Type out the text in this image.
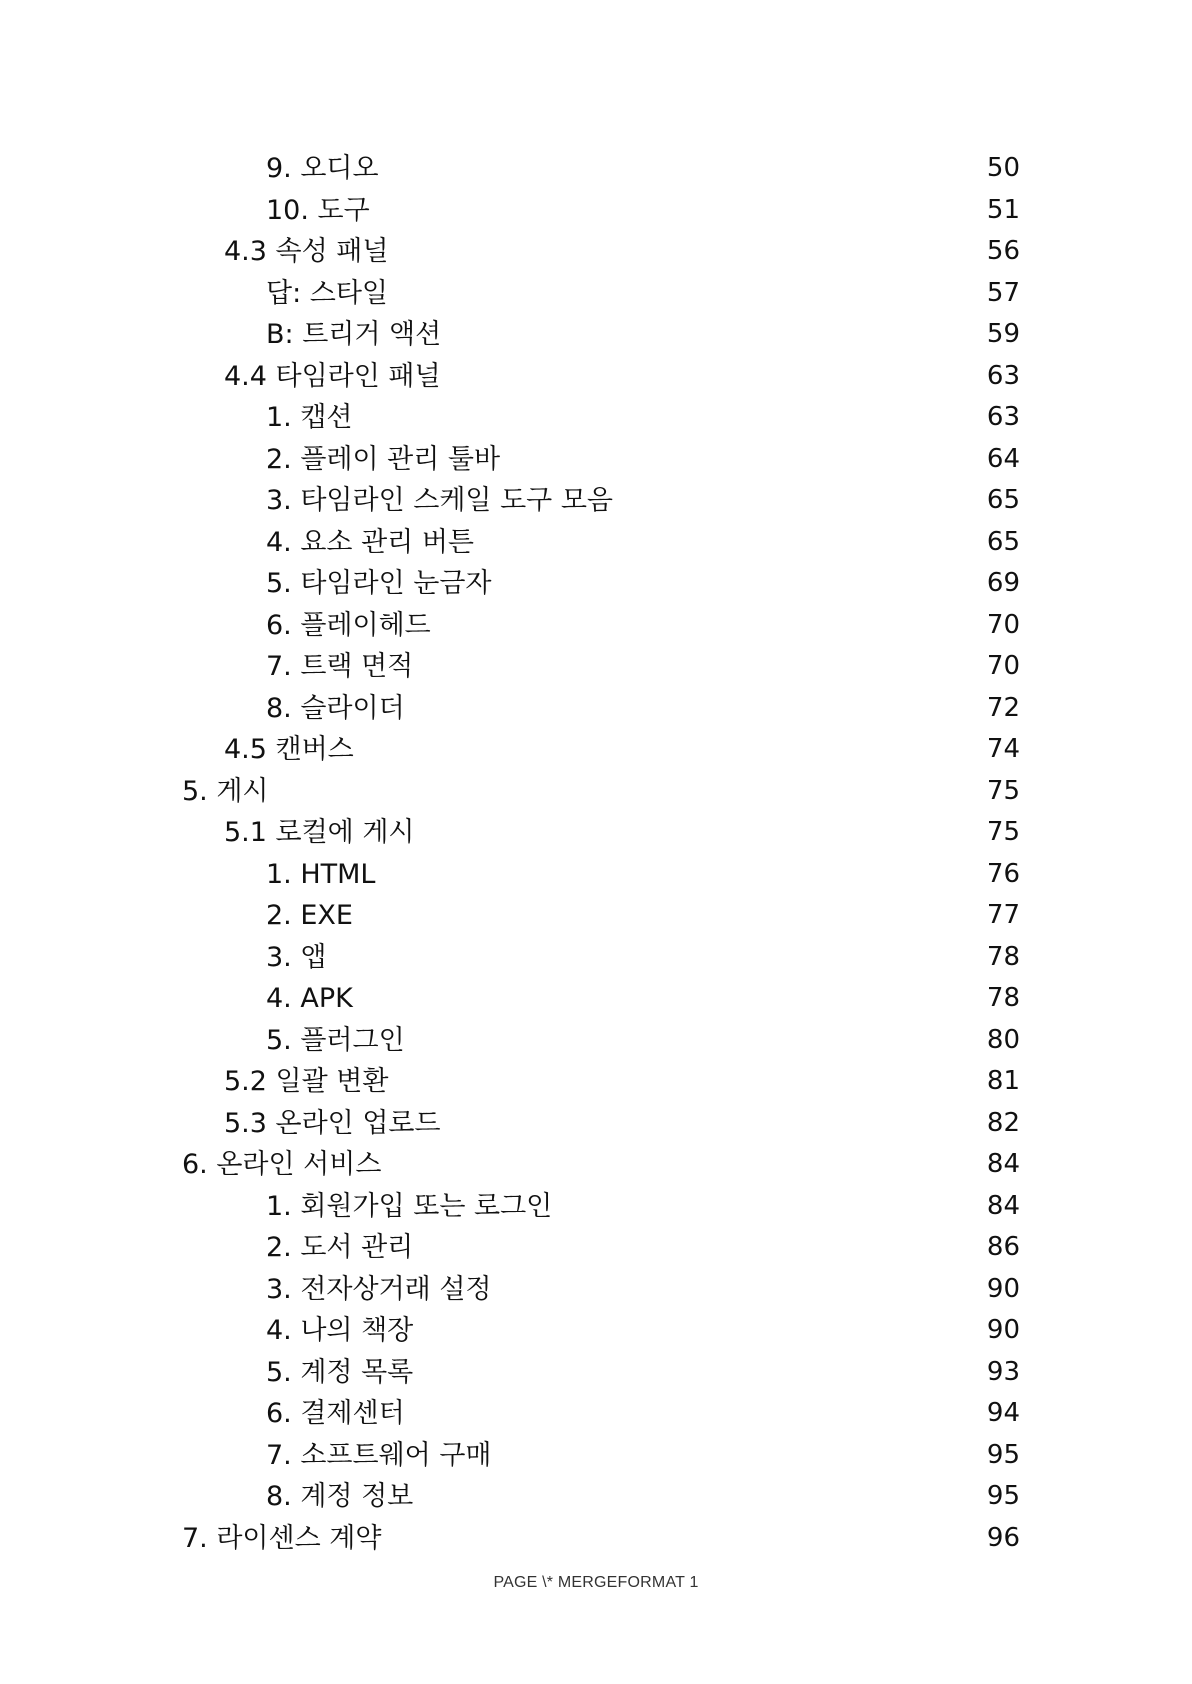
9. 오디오	50
10. 도구	51
4.3 속성 패널	56
답: 스타일	57
B: 트리거 액션	59
4.4 타임라인 패널	63
1. 캡션	63
2. 플레이 관리 툴바	64
3. 타임라인 스케일 도구 모음	65
4. 요소 관리 버튼	65
5. 타임라인 눈금자	69
6. 플레이헤드	70
7. 트랙 면적	70
8. 슬라이더	72
4.5 캔버스	74
5. 게시	75
5.1 로컬에 게시	75
1. HTML	76
2. EXE	77
3. 앱	78
4. APK	78
5. 플러그인	80
5.2 일괄 변환	81
5.3 온라인 업로드	82
6. 온라인 서비스	84
1. 회원가입 또는 로그인	84
2. 도서 관리	86
3. 전자상거래 설정	90
4. 나의 책장	90
5. 계정 목록	93
6. 결제센터	94
7. 소프트웨어 구매	95
8. 계정 정보	95
7. 라이센스 계약	96
PAGE \* MERGEFORMAT 1
